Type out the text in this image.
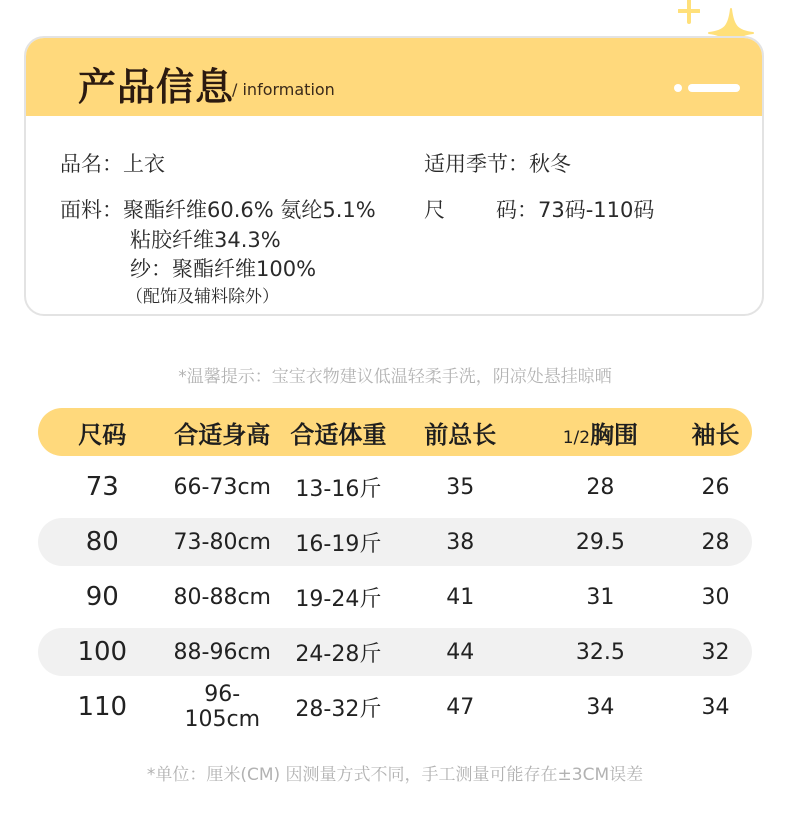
产品信息
/ information
品名：上衣	适用季节：秋冬
面料：聚酯纤维60.6% 氨纶5.1% 尺 码：73码-110码
粘胶纤维34.3%
纱：聚酯纤维100%
（配饰及辅料除外）
*温馨提示：宝宝衣物建议低温轻柔手洗，阴凉处悬挂晾晒
尺码	合适身高 合适体重	前总长	1/2胸围	袖长
73	66-73cm	13-16斤	35	28	26
80	73-80cm	16-19斤	38	29.5	28
90	80-88cm	19-24斤	41	31	30
100	88-96cm	24-28斤	44	32.5	32
110	96-105cm	28-32斤	47	34	34
*单位：厘米(CM) 因测量方式不同，手工测量可能存在±3CM误差
